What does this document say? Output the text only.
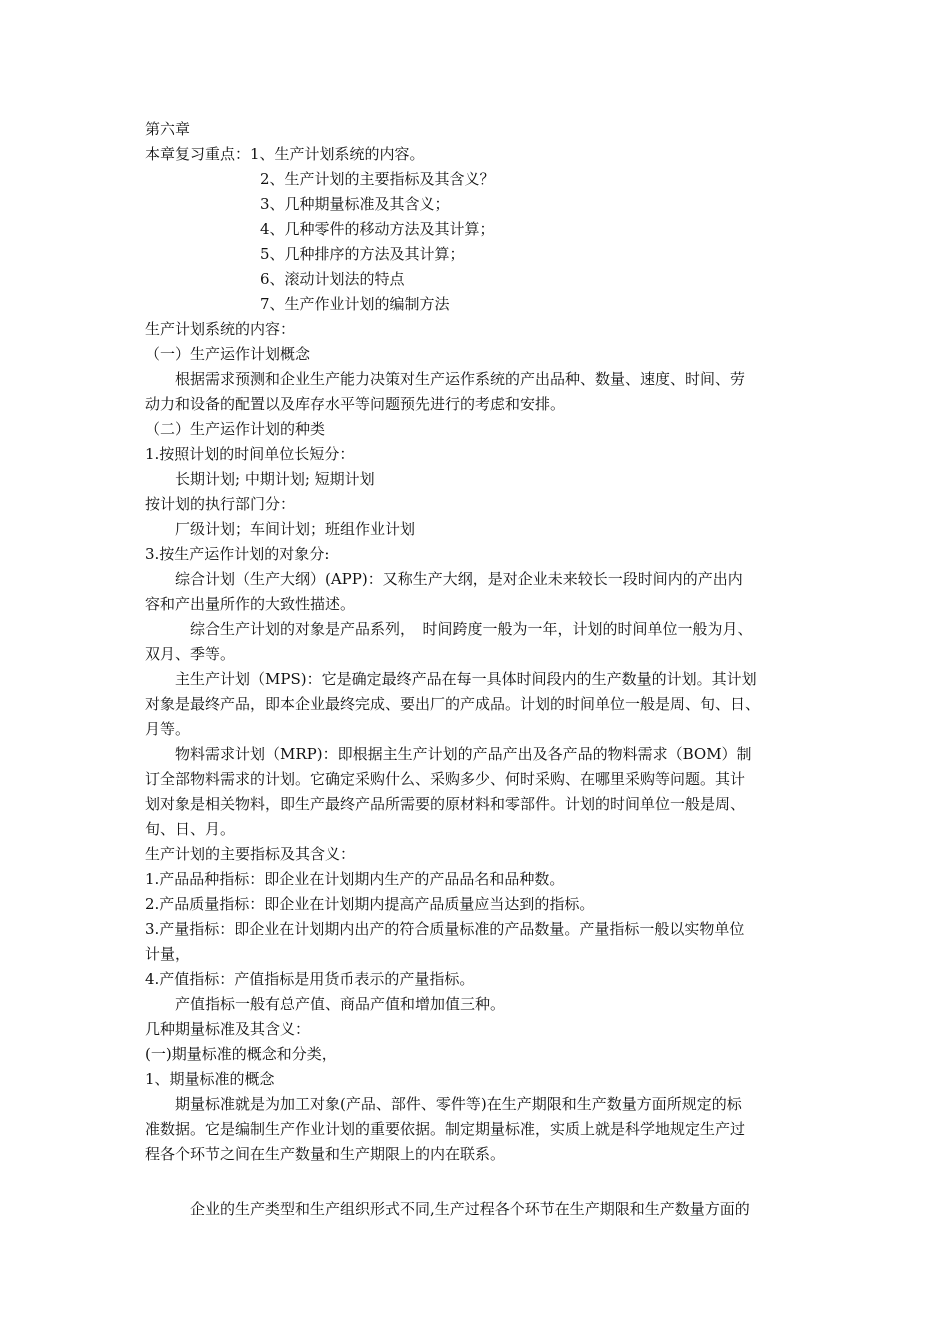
第六章
本章复习重点：1、生产计划系统的内容。
2、生产计划的主要指标及其含义？
3、几种期量标准及其含义；
4、几种零件的移动方法及其计算；
5、几种排序的方法及其计算；
6、滚动计划法的特点
7、生产作业计划的编制方法
生产计划系统的内容：
（一）生产运作计划概念
　　根据需求预测和企业生产能力决策对生产运作系统的产出品种、数量、速度、时间、劳
动力和设备的配置以及库存水平等问题预先进行的考虑和安排。
（二）生产运作计划的种类
1.按照计划的时间单位长短分：
　　长期计划; 中期计划; 短期计划
按计划的执行部门分：
　　厂级计划；车间计划；班组作业计划
3.按生产运作计划的对象分:
　　综合计划（生产大纲）(APP)：又称生产大纲，是对企业未来较长一段时间内的产出内
容和产出量所作的大致性描述。
　　　综合生产计划的对象是产品系列，　时间跨度一般为一年，计划的时间单位一般为月、
双月、季等。
　　主生产计划（MPS)：它是确定最终产品在每一具体时间段内的生产数量的计划。其计划
对象是最终产品，即本企业最终完成、要出厂的产成品。计划的时间单位一般是周、旬、日、
月等。
　　物料需求计划（MRP)：即根据主生产计划的产品产出及各产品的物料需求（BOM）制
订全部物料需求的计划。它确定采购什么、采购多少、何时采购、在哪里采购等问题。其计
划对象是相关物料，即生产最终产品所需要的原材料和零部件。计划的时间单位一般是周、
旬、日、月。
生产计划的主要指标及其含义：
1.产品品种指标：即企业在计划期内生产的产品品名和品种数。
2.产品质量指标：即企业在计划期内提高产品质量应当达到的指标。
3.产量指标：即企业在计划期内出产的符合质量标准的产品数量。产量指标一般以实物单位
计量，
4.产值指标：产值指标是用货币表示的产量指标。
　　产值指标一般有总产值、商品产值和增加值三种。
几种期量标准及其含义：
(一)期量标准的概念和分类，
1、期量标准的概念
　　期量标准就是为加工对象(产品、部件、零件等)在生产期限和生产数量方面所规定的标
准数据。它是编制生产作业计划的重要依据。制定期量标准，实质上就是科学地规定生产过
程各个环节之间在生产数量和生产期限上的内在联系。
　　　企业的生产类型和生产组织形式不同,生产过程各个环节在生产期限和生产数量方面的
